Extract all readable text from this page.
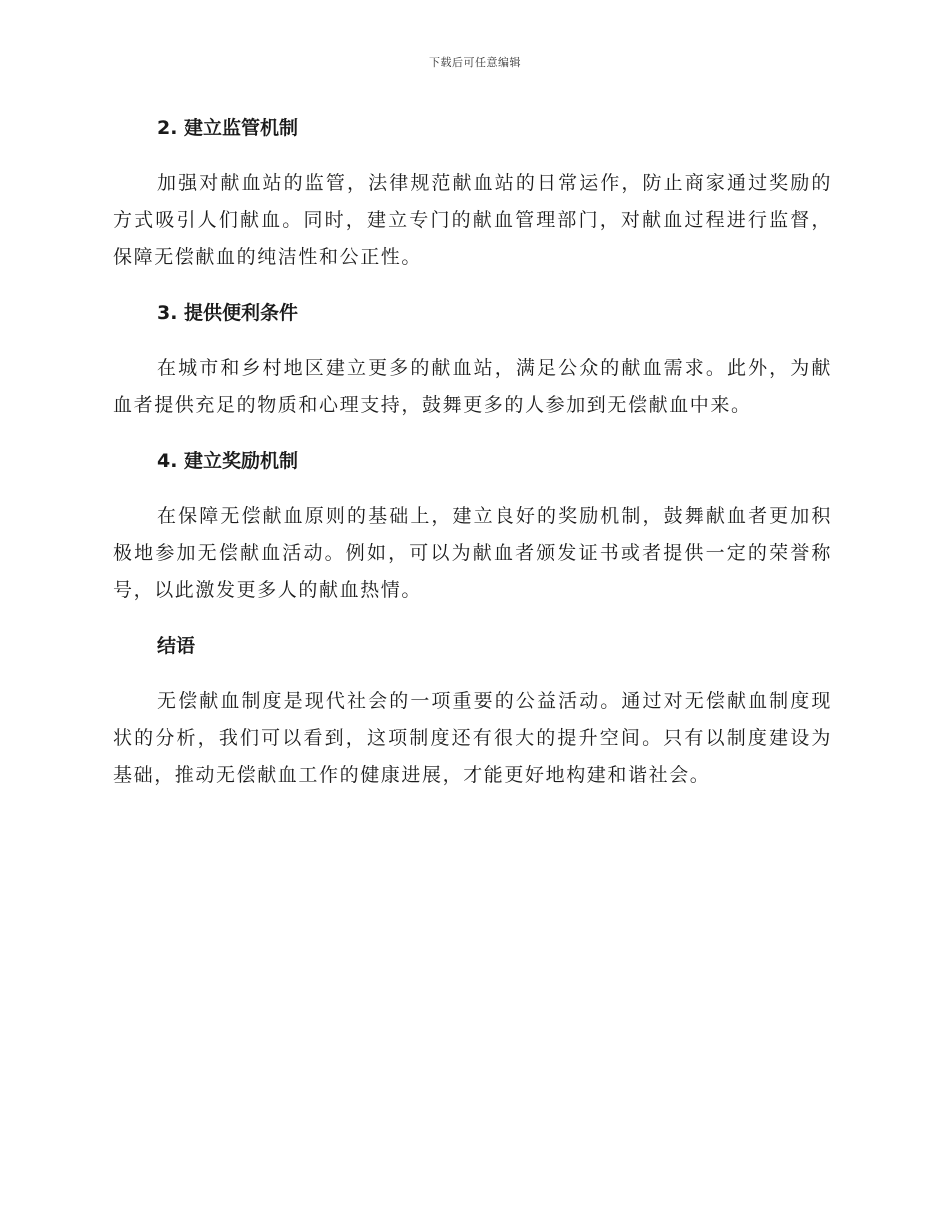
下载后可任意编辑
2. 建立监管机制

加强对献血站的监管，法律规范献血站的日常运作，防止商家通过奖励的方式吸引人们献血。同时，建立专门的献血管理部门，对献血过程进行监督，保障无偿献血的纯洁性和公正性。

3. 提供便利条件

在城市和乡村地区建立更多的献血站，满足公众的献血需求。此外，为献血者提供充足的物质和心理支持，鼓舞更多的人参加到无偿献血中来。

4. 建立奖励机制

在保障无偿献血原则的基础上，建立良好的奖励机制，鼓舞献血者更加积极地参加无偿献血活动。例如，可以为献血者颁发证书或者提供一定的荣誉称号，以此激发更多人的献血热情。

结语

无偿献血制度是现代社会的一项重要的公益活动。通过对无偿献血制度现状的分析，我们可以看到，这项制度还有很大的提升空间。只有以制度建设为基础，推动无偿献血工作的健康进展，才能更好地构建和谐社会。
